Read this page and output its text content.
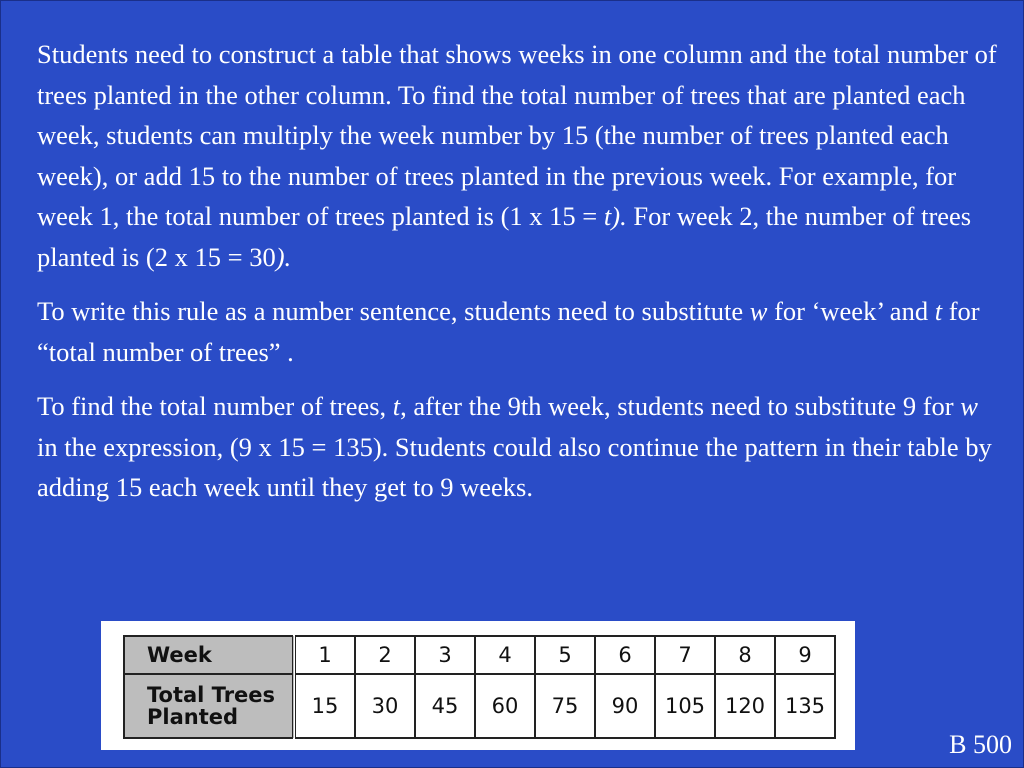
Students need to construct a table that shows weeks in one column and the total number of trees planted in the other column. To find the total number of trees that are planted each week, students can multiply the week number by 15 (the number of trees planted each week), or add 15 to the number of trees planted in the previous week. For example, for week 1, the total number of trees planted is (1 x 15 = t). For week 2, the number of trees planted is (2 x 15 = 30).

To write this rule as a number sentence, students need to substitute w for ‘week’ and t for “total number of trees” .

To find the total number of trees, t, after the 9th week, students need to substitute 9 for w in the expression, (9 x 15 = 135). Students could also continue the pattern in their table by adding 15 each week until they get to 9 weeks.

Week	1	2	3	4	5	6	7	8	9
Total Trees
Planted	15	30	45	60	75	90	105	120	135
B 500
